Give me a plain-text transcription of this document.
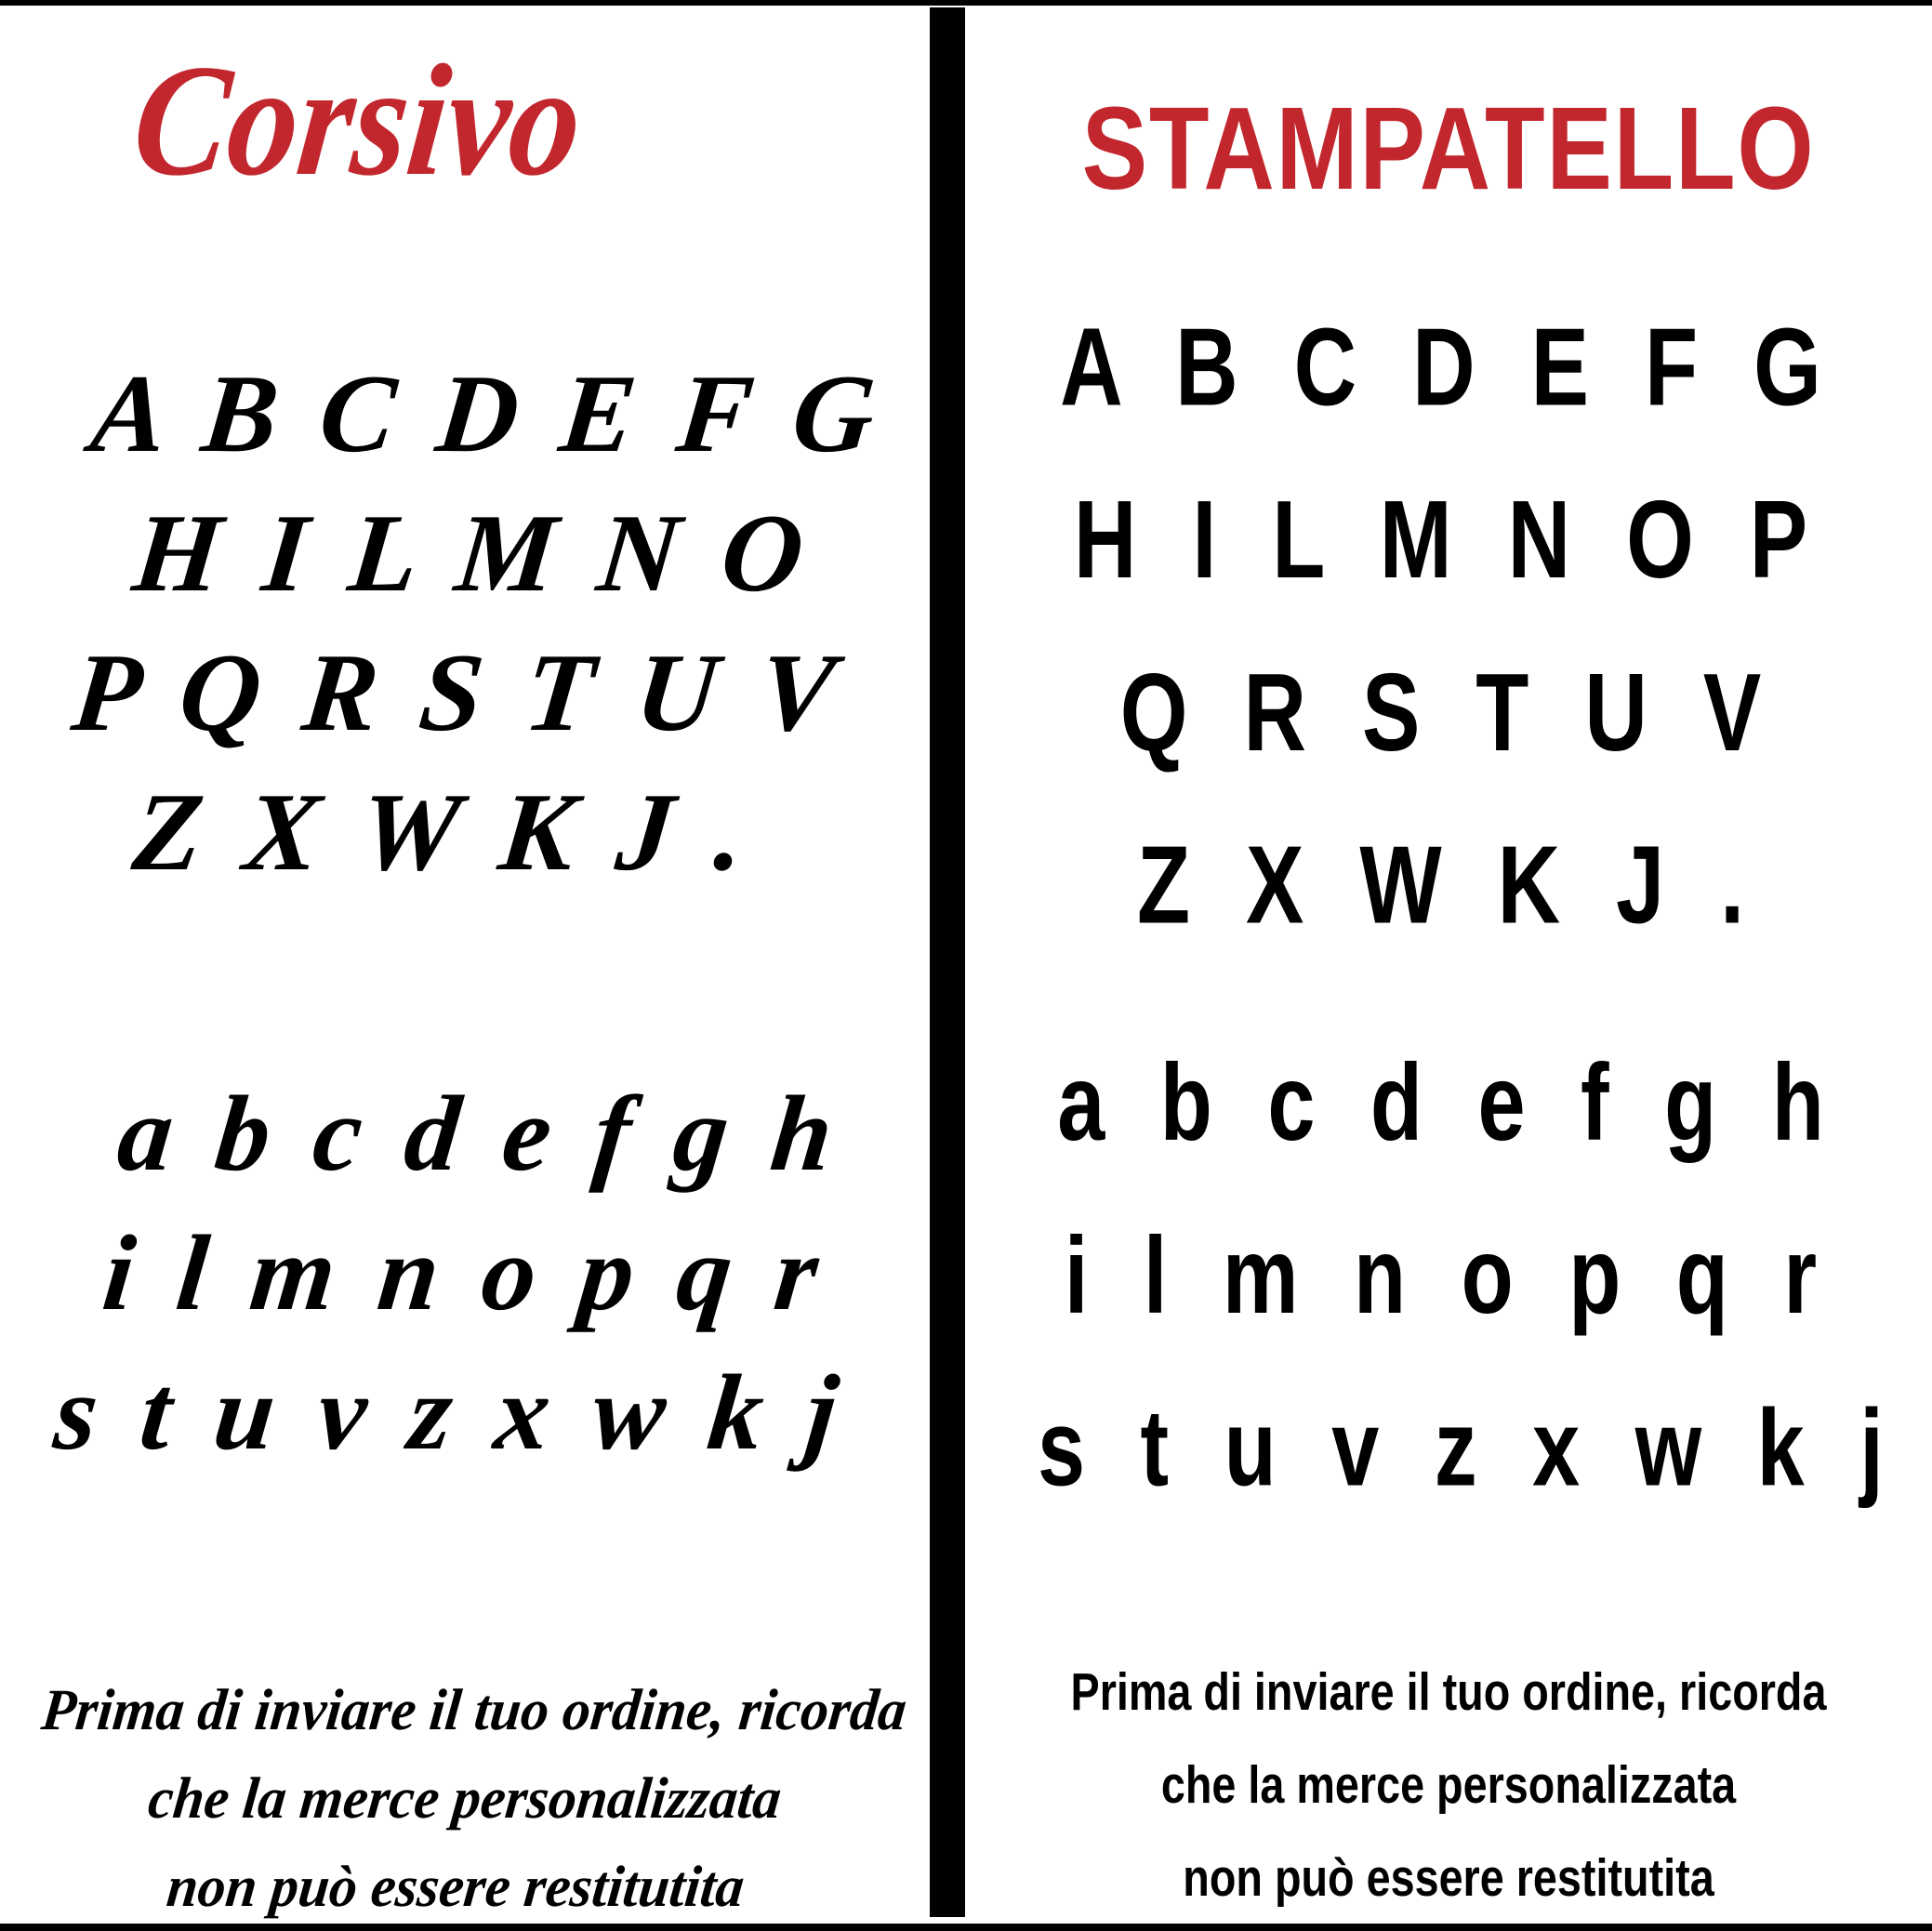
Corsivo
A B C D E F G
H I L M N O
P Q R S T U V
Z X W K J .
a b c d e f g h
i l m n o p q r
s t u v z x w k j
Prima di inviare il tuo ordine, ricorda
che la merce personalizzata
non può essere restitutita
STAMPATELLO
A B C D E F G
H I L M N O P
Q R S T U V
Z X W K J .
a b c d e f g h
i l m n o p q r
s t u v z x w k j
Prima di inviare il tuo ordine, ricorda
che la merce personalizzata
non può essere restitutita
